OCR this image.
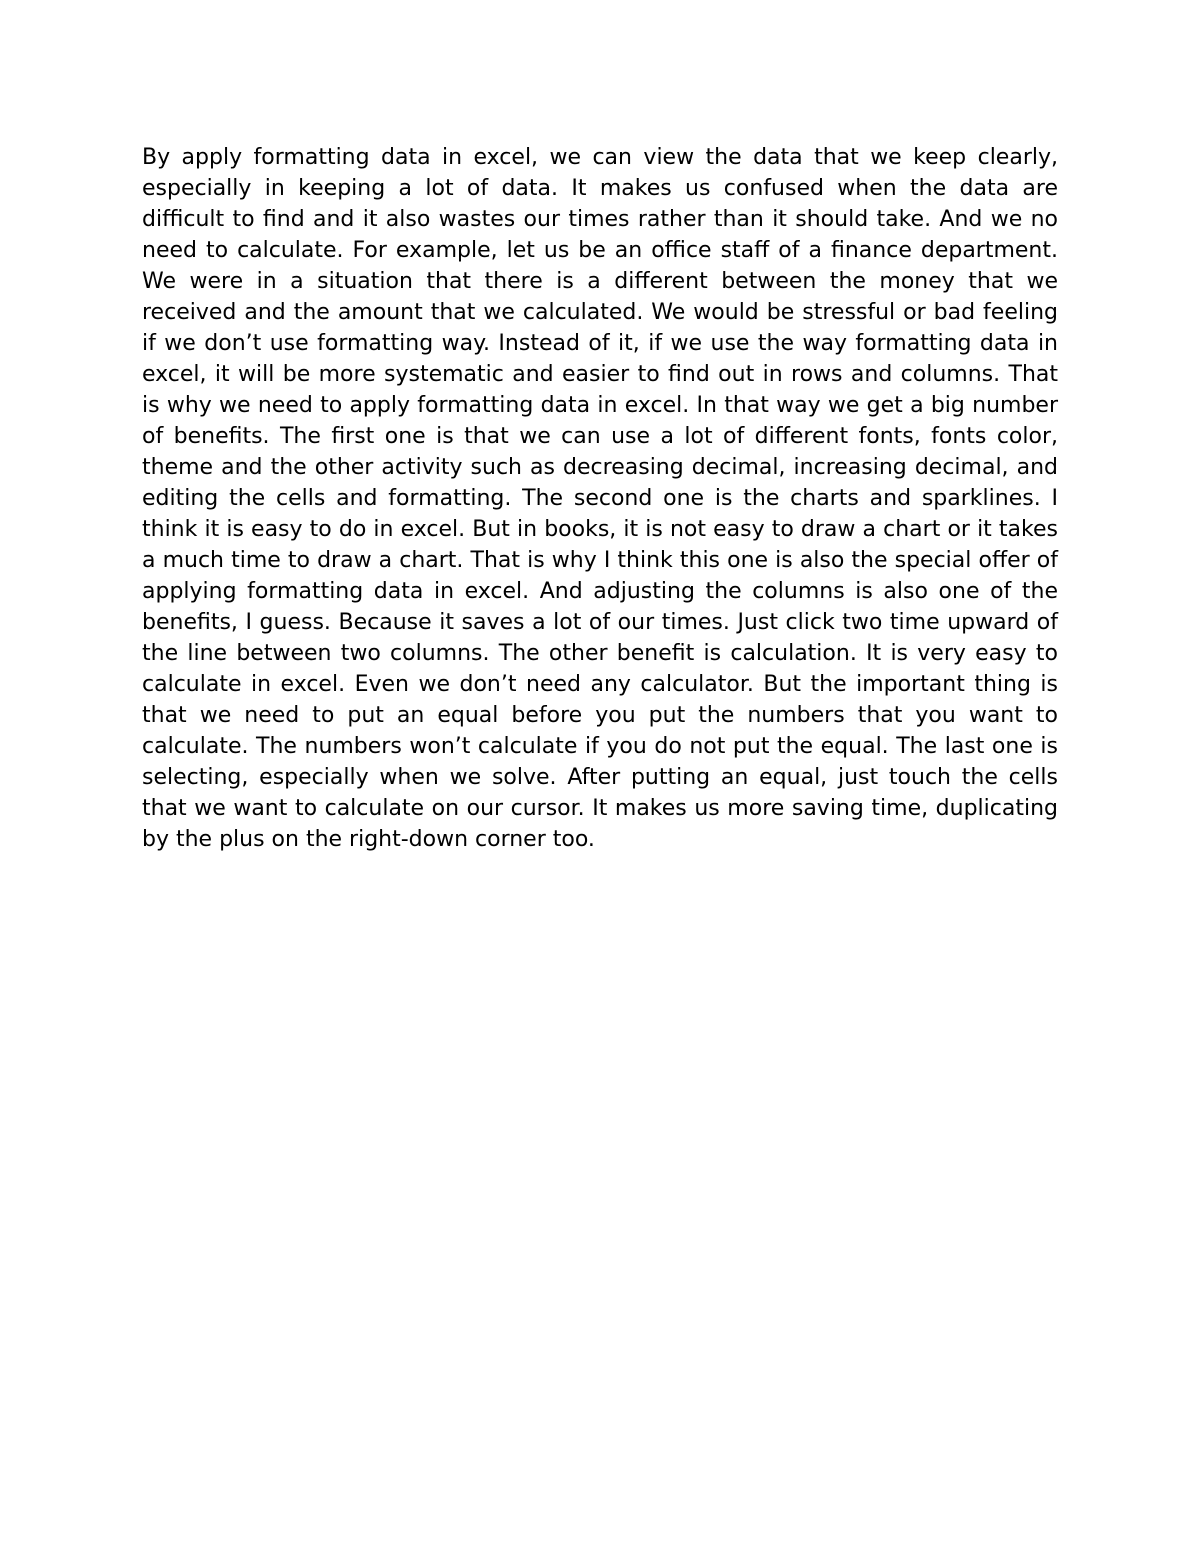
By apply formatting data in excel, we can view the data that we keep clearly, especially in keeping a lot of data. It makes us confused when the data are difficult to find and it also wastes our times rather than it should take. And we no need to calculate. For example, let us be an office staff of a finance department. We were in a situation that there is a different between the money that we received and the amount that we calculated. We would be stressful or bad feeling if we don’t use formatting way. Instead of it, if we use the way formatting data in excel, it will be more systematic and easier to find out in rows and columns. That is why we need to apply formatting data in excel. In that way we get a big number of benefits. The first one is that we can use a lot of different fonts, fonts color, theme and the other activity such as decreasing decimal, increasing decimal, and editing the cells and formatting. The second one is the charts and sparklines. I think it is easy to do in excel. But in books, it is not easy to draw a chart or it takes a much time to draw a chart. That is why I think this one is also the special offer of applying formatting data in excel. And adjusting the columns is also one of the benefits, I guess. Because it saves a lot of our times. Just click two time upward of the line between two columns. The other benefit is calculation. It is very easy to calculate in excel. Even we don’t need any calculator. But the important thing is that we need to put an equal before you put the numbers that you want to calculate. The numbers won’t calculate if you do not put the equal. The last one is selecting, especially when we solve. After putting an equal, just touch the cells that we want to calculate on our cursor. It makes us more saving time, duplicating by the plus on the right-down corner too.
